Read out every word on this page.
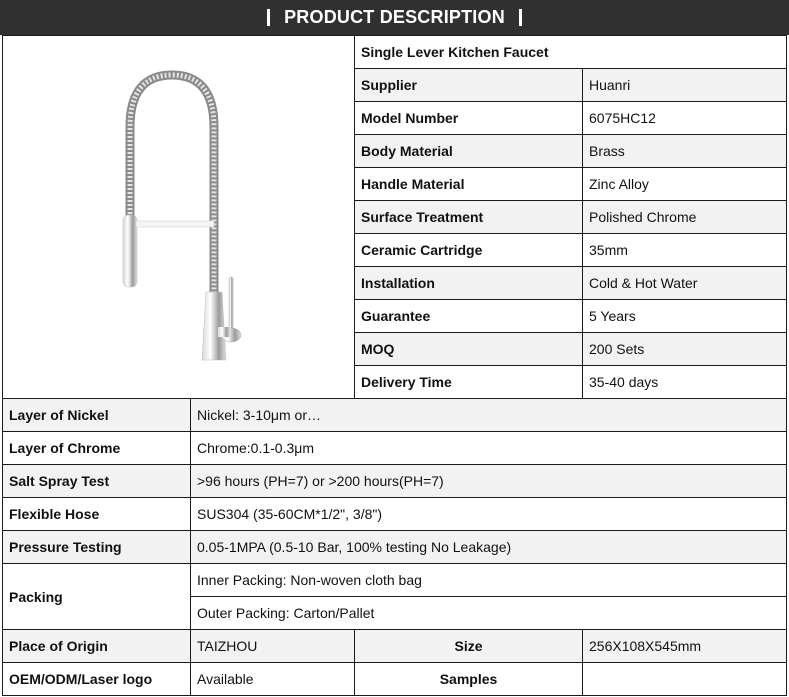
PRODUCT DESCRIPTION
	Single Lever Kitchen Faucet	
		Supplier	Huanri
		Model Number	6075HC12
		Body Material	Brass
		Handle Material	Zinc Alloy
		Surface Treatment	Polished Chrome
		Ceramic Cartridge	35mm
		Installation	Cold & Hot Water
		Guarantee	5 Years
		MOQ	200 Sets
		Delivery Time	35-40 days
Layer of Nickel	Nickel: 3-10μm or…		
Layer of Chrome	Chrome:0.1-0.3μm		
Salt Spray Test	>96 hours (PH=7) or >200 hours(PH=7)		
Flexible Hose	SUS304 (35-60CM*1/2", 3/8")		
Pressure Testing	0.05-1MPA (0.5-10 Bar, 100% testing No Leakage)		
Packing	Inner Packing: Non-woven cloth bag		
	Outer Packing: Carton/Pallet		
Place of Origin	TAIZHOU	Size	256X108X545mm
OEM/ODM/Laser logo	Available	Samples	
